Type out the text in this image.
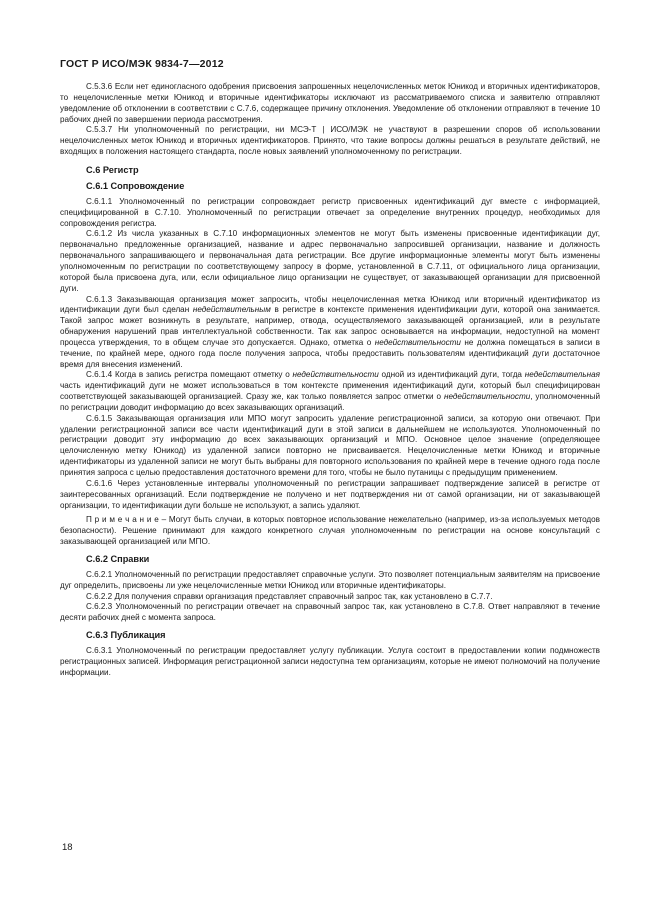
ГОСТ Р ИСО/МЭК 9834-7—2012

C.5.3.6 Если нет единогласного одобрения присвоения запрошенных нецелочисленных меток Юникод и вторичных идентификаторов, то нецелочисленные метки Юникод и вторичные идентификаторы исключают из рассматриваемого списка и заявителю отправляют уведомление об отклонении в соответствии с C.7.6, содержащее причину отклонения. Уведомление об отклонении отправляют в течение 10 рабочих дней по завершении периода рассмотрения.

C.5.3.7 Ни уполномоченный по регистрации, ни МСЭ-Т | ИСО/МЭК не участвуют в разрешении споров об использовании нецелочисленных меток Юникод и вторичных идентификаторов. Принято, что такие вопросы должны решаться в результате действий, не входящих в положения настоящего стандарта, после новых заявлений уполномоченному по регистрации.

C.6 Регистр
C.6.1 Сопровождение

C.6.1.1 Уполномоченный по регистрации сопровождает регистр присвоенных идентификаций дуг вместе с информацией, специфицированной в C.7.10. Уполномоченный по регистрации отвечает за определение внутренних процедур, необходимых для сопровождения регистра.

C.6.1.2 Из числа указанных в C.7.10 информационных элементов не могут быть изменены присвоенные идентификации дуг, первоначально предложенные организацией, название и адрес первоначально запросившей организации, название и должность первоначального запрашивающего и первоначальная дата регистрации. Все другие информационные элементы могут быть изменены уполномоченным по регистрации по соответствующему запросу в форме, установленной в C.7.11, от официального лица организации, которой была присвоена дуга, или, если официальное лицо организации не существует, от заказывающей организации для присвоенной дуги.

C.6.1.3 Заказывающая организация может запросить, чтобы нецелочисленная метка Юникод или вторичный идентификатор из идентификации дуги был сделан недействительным в регистре в контексте применения идентификации дуги, которой она занимается. Такой запрос может возникнуть в результате, например, отвода, осуществляемого заказывающей организацией, или в результате обнаружения нарушений прав интеллектуальной собственности. Так как запрос основывается на информации, недоступной на момент процесса утверждения, то в общем случае это допускается. Однако, отметка о недействительности не должна помещаться в записи в течение, по крайней мере, одного года после получения запроса, чтобы предоставить пользователям идентификаций дуги достаточное время для внесения изменений.

C.6.1.4 Когда в запись регистра помещают отметку о недействительности одной из идентификаций дуги, тогда недействительная часть идентификаций дуги не может использоваться в том контексте применения идентификаций дуги, который был специфицирован соответствующей заказывающей организацией. Сразу же, как только появляется запрос отметки о недействительности, уполномоченный по регистрации доводит информацию до всех заказывающих организаций.

C.6.1.5 Заказывающая организация или МПО могут запросить удаление регистрационной записи, за которую они отвечают. При удалении регистрационной записи все части идентификаций дуги в этой записи в дальнейшем не используются. Уполномоченный по регистрации доводит эту информацию до всех заказывающих организаций и МПО. Основное целое значение (определяющее целочисленную метку Юникод) из удаленной записи повторно не присваивается. Нецелочисленные метки Юникод и вторичные идентификаторы из удаленной записи не могут быть выбраны для повторного использования по крайней мере в течение одного года после принятия запроса с целью предоставления достаточного времени для того, чтобы не было путаницы с предыдущим применением.

C.6.1.6 Через установленные интервалы уполномоченный по регистрации запрашивает подтверждение записей в регистре от заинтересованных организаций. Если подтверждение не получено и нет подтверждения ни от самой организации, ни от заказывающей организации, то идентификации дуги больше не используют, а запись удаляют.

П р и м е ч а н и е – Могут быть случаи, в которых повторное использование нежелательно (например, из-за используемых методов безопасности). Решение принимают для каждого конкретного случая уполномоченным по регистрации на основе консультаций с заказывающей организацией или МПО.

C.6.2 Справки

C.6.2.1 Уполномоченный по регистрации предоставляет справочные услуги. Это позволяет потенциальным заявителям на присвоение дуг определить, присвоены ли уже нецелочисленные метки Юникод или вторичные идентификаторы.

C.6.2.2 Для получения справки организация представляет справочный запрос так, как установлено в C.7.7.

C.6.2.3 Уполномоченный по регистрации отвечает на справочный запрос так, как установлено в C.7.8. Ответ направляют в течение десяти рабочих дней с момента запроса.

C.6.3 Публикация

C.6.3.1 Уполномоченный по регистрации предоставляет услугу публикации. Услуга состоит в предоставлении копии подмножеств регистрационных записей. Информация регистрационной записи недоступна тем организациям, которые не имеют полномочий на получение информации.

18
